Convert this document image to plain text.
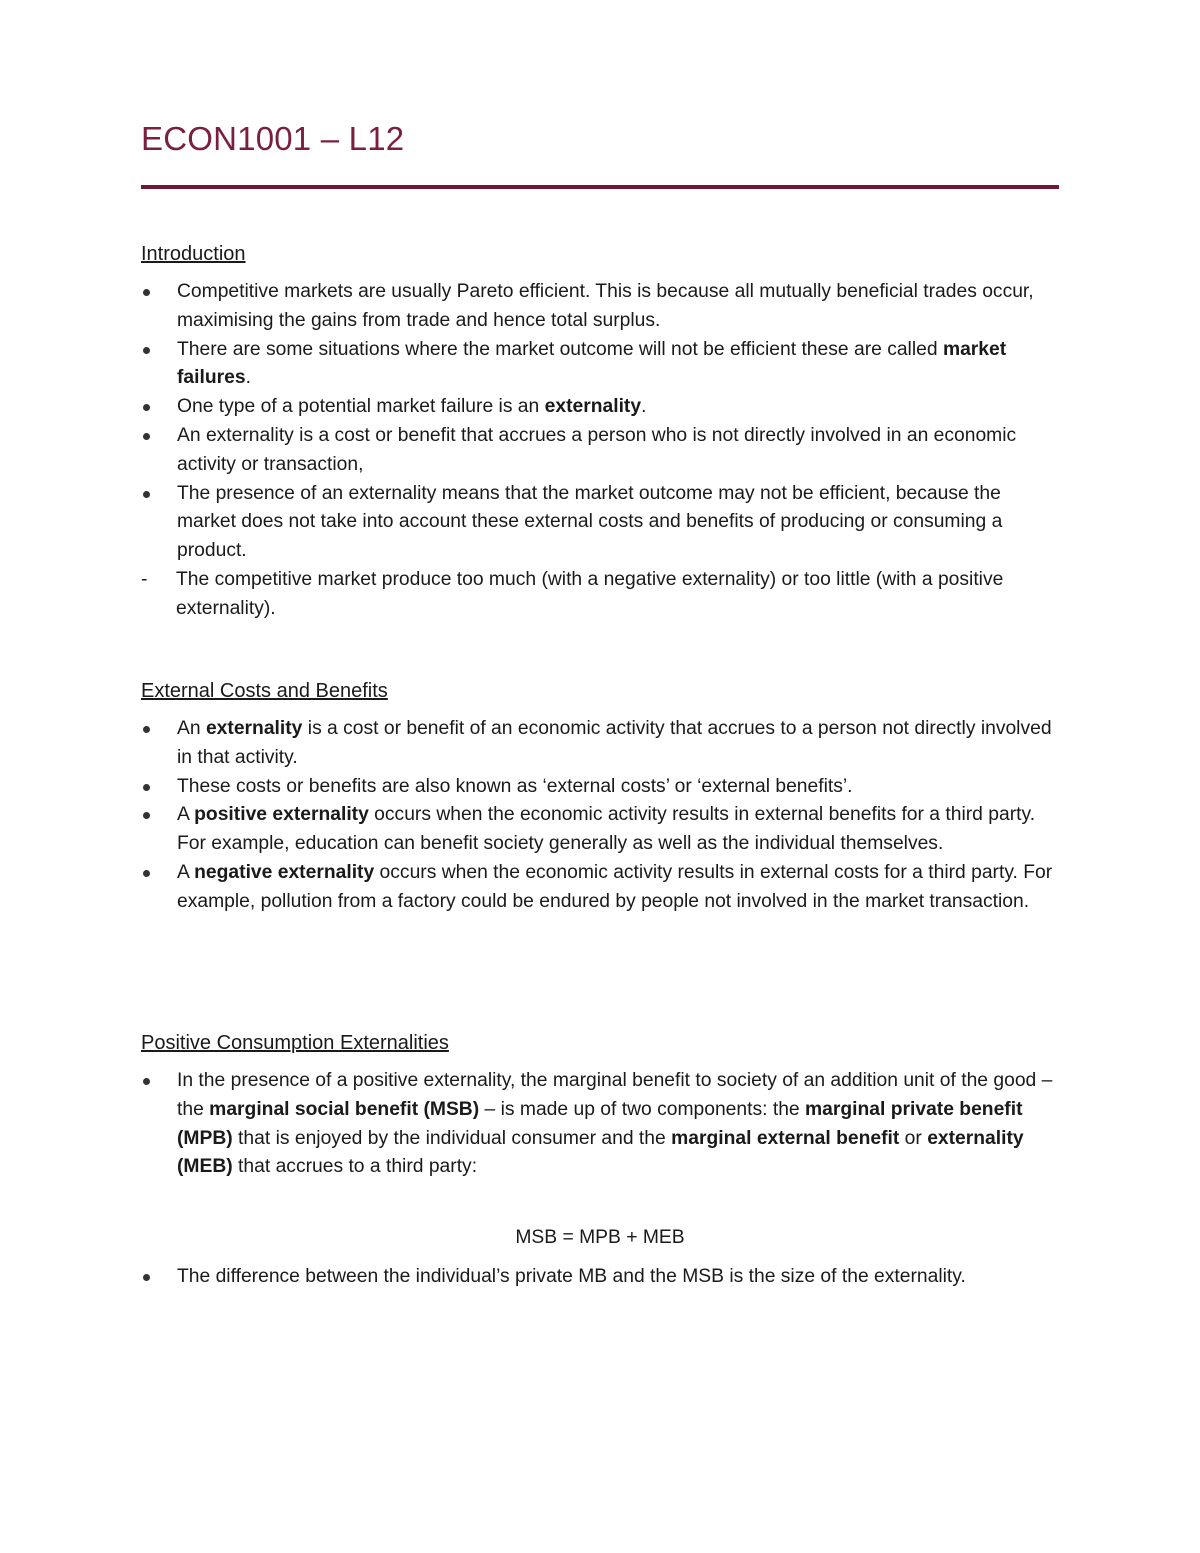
ECON1001 – L12
Introduction
Competitive markets are usually Pareto efficient. This is because all mutually beneficial trades occur, maximising the gains from trade and hence total surplus.
There are some situations where the market outcome will not be efficient these are called market failures.
One type of a potential market failure is an externality.
An externality is a cost or benefit that accrues a person who is not directly involved in an economic activity or transaction,
The presence of an externality means that the market outcome may not be efficient, because the market does not take into account these external costs and benefits of producing or consuming a product.
- The competitive market produce too much (with a negative externality) or too little (with a positive externality).
External Costs and Benefits
An externality is a cost or benefit of an economic activity that accrues to a person not directly involved in that activity.
These costs or benefits are also known as ‘external costs’ or ‘external benefits’.
A positive externality occurs when the economic activity results in external benefits for a third party. For example, education can benefit society generally as well as the individual themselves.
A negative externality occurs when the economic activity results in external costs for a third party. For example, pollution from a factory could be endured by people not involved in the market transaction.
Positive Consumption Externalities
In the presence of a positive externality, the marginal benefit to society of an addition unit of the good – the marginal social benefit (MSB) – is made up of two components: the marginal private benefit (MPB) that is enjoyed by the individual consumer and the marginal external benefit or externality (MEB) that accrues to a third party:
MSB = MPB + MEB
The difference between the individual’s private MB and the MSB is the size of the externality.
